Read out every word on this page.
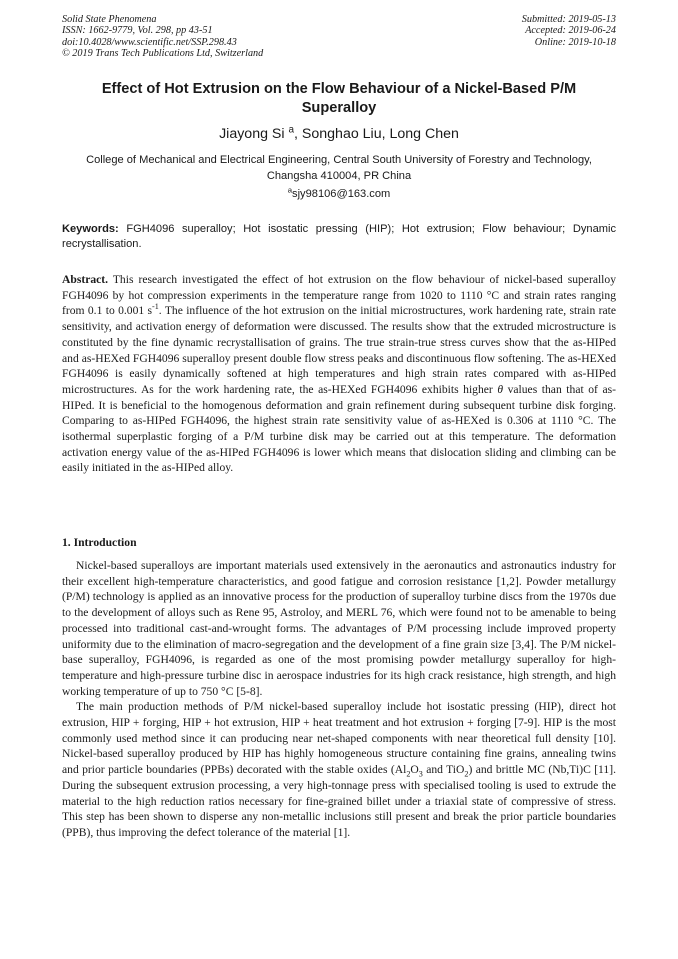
Solid State Phenomena
ISSN: 1662-9779, Vol. 298, pp 43-51
doi:10.4028/www.scientific.net/SSP.298.43
© 2019 Trans Tech Publications Ltd, Switzerland
Submitted: 2019-05-13
Accepted: 2019-06-24
Online: 2019-10-18
Effect of Hot Extrusion on the Flow Behaviour of a Nickel-Based P/M Superalloy
Jiayong Si $^a$, Songhao Liu, Long Chen
College of Mechanical and Electrical Engineering, Central South University of Forestry and Technology, Changsha 410004, PR China
$^a$sjy98106@163.com
Keywords: FGH4096 superalloy; Hot isostatic pressing (HIP); Hot extrusion; Flow behaviour; Dynamic recrystallisation.
Abstract. This research investigated the effect of hot extrusion on the flow behaviour of nickel-based superalloy FGH4096 by hot compression experiments in the temperature range from 1020 to 1110 °C and strain rates ranging from 0.1 to 0.001 $s^{-1}$. The influence of the hot extrusion on the initial microstructures, work hardening rate, strain rate sensitivity, and activation energy of deformation were discussed. The results show that the extruded microstructure is constituted by the fine dynamic recrystallisation of grains. The true strain-true stress curves show that the as-HIPed and as-HEXed FGH4096 superalloy present double flow stress peaks and discontinuous flow softening. The as-HEXed FGH4096 is easily dynamically softened at high temperatures and high strain rates compared with as-HIPed microstructures. As for the work hardening rate, the as-HEXed FGH4096 exhibits higher θ values than that of as-HIPed. It is beneficial to the homogenous deformation and grain refinement during subsequent turbine disk forging. Comparing to as-HIPed FGH4096, the highest strain rate sensitivity value of as-HEXed is 0.306 at 1110 °C. The isothermal superplastic forging of a P/M turbine disk may be carried out at this temperature. The deformation activation energy value of the as-HIPed FGH4096 is lower which means that dislocation sliding and climbing can be easily initiated in the as-HIPed alloy.
1. Introduction

Nickel-based superalloys are important materials used extensively in the aeronautics and astronautics industry for their excellent high-temperature characteristics, and good fatigue and corrosion resistance [1,2]. Powder metallurgy (P/M) technology is applied as an innovative process for the production of superalloy turbine discs from the 1970s due to the development of alloys such as Rene 95, Astroloy, and MERL 76, which were found not to be amenable to being processed into traditional cast-and-wrought forms. The advantages of P/M processing include improved property uniformity due to the elimination of macro-segregation and the development of a fine grain size [3,4]. The P/M nickel-base superalloy, FGH4096, is regarded as one of the most promising powder metallurgy superalloy for high-temperature and high-pressure turbine disc in aerospace industries for its high crack resistance, high strength, and high working temperature of up to 750 °C [5-8].

The main production methods of P/M nickel-based superalloy include hot isostatic pressing (HIP), direct hot extrusion, HIP + forging, HIP + hot extrusion, HIP + heat treatment and hot extrusion + forging [7-9]. HIP is the most commonly used method since it can producing near net-shaped components with near theoretical full density [10]. Nickel-based superalloy produced by HIP has highly homogeneous structure containing fine grains, annealing twins and prior particle boundaries (PPBs) decorated with the stable oxides ($Al_2O_3$ and TiO$_2$) and brittle MC (Nb,Ti)C [11]. During the subsequent extrusion processing, a very high-tonnage press with specialised tooling is used to extrude the material to the high reduction ratios necessary for fine-grained billet under a triaxial state of compressive of stress. This step has been shown to disperse any non-metallic inclusions still present and break the prior particle boundaries (PPB), thus improving the defect tolerance of the material [1].
